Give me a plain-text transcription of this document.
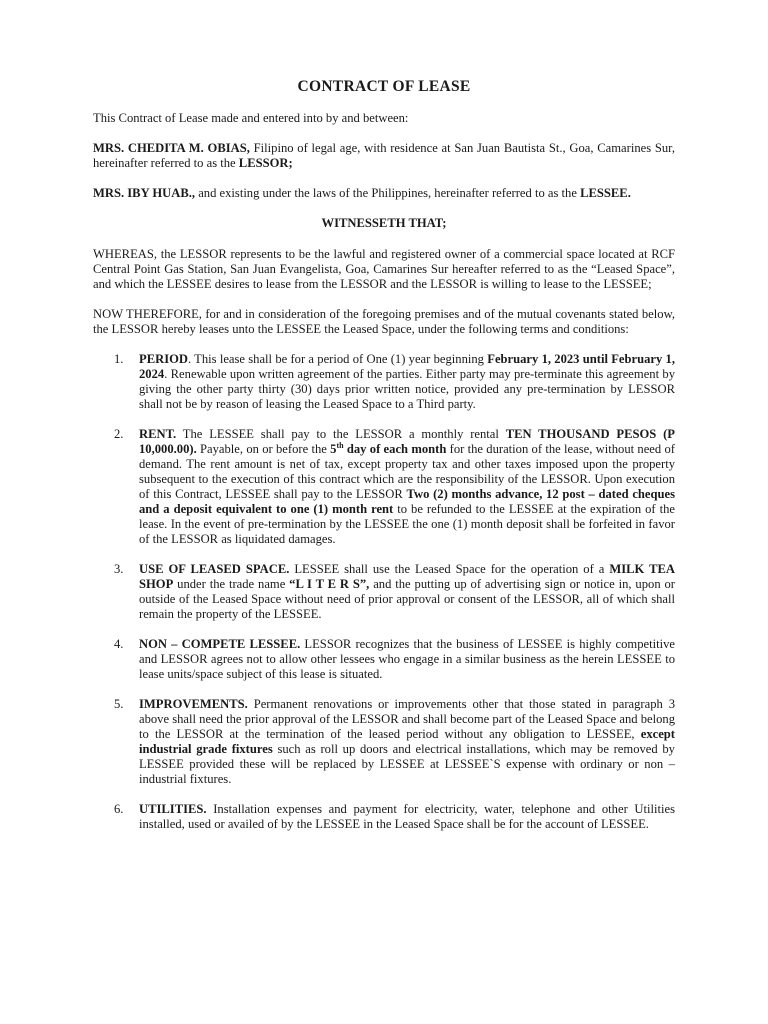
CONTRACT OF LEASE

This Contract of Lease made and entered into by and between:

MRS. CHEDITA M. OBIAS, Filipino of legal age, with residence at San Juan Bautista St., Goa, Camarines Sur, hereinafter referred to as the LESSOR;

MRS. IBY HUAB., and existing under the laws of the Philippines, hereinafter referred to as the LESSEE.

WITNESSETH THAT;

WHEREAS, the LESSOR represents to be the lawful and registered owner of a commercial space located at RCF Central Point Gas Station, San Juan Evangelista, Goa, Camarines Sur hereafter referred to as the “Leased Space”, and which the LESSEE desires to lease from the LESSOR and the LESSOR is willing to lease to the LESSEE;

NOW THEREFORE, for and in consideration of the foregoing premises and of the mutual covenants stated below, the LESSOR hereby leases unto the LESSEE the Leased Space, under the following terms and conditions:

1. PERIOD. This lease shall be for a period of One (1) year beginning February 1, 2023 until February 1, 2024. Renewable upon written agreement of the parties. Either party may pre-terminate this agreement by giving the other party thirty (30) days prior written notice, provided any pre-termination by LESSOR shall not be by reason of leasing the Leased Space to a Third party.
2. RENT. The LESSEE shall pay to the LESSOR a monthly rental TEN THOUSAND PESOS (P      10,000.00). Payable, on or before the 5th day of each month for the duration of the lease, without need of demand. The rent amount is net of tax, except property tax and other taxes imposed upon the property subsequent to the execution of this contract which are the responsibility of the LESSOR. Upon execution of this Contract, LESSEE shall pay to the LESSOR Two (2) months advance, 12 post – dated cheques and a deposit equivalent to one (1) month rent to be refunded to the LESSEE at the expiration of the lease. In the event of pre-termination by the LESSEE the one (1) month deposit shall be forfeited in favor of the LESSOR as liquidated damages.
3. USE OF LEASED SPACE. LESSEE shall use the Leased Space for the operation of a MILK TEA SHOP under the trade name “L I T E R S”, and the putting up of advertising sign or notice in, upon or outside of the Leased Space without need of prior approval or consent of the LESSOR, all of which shall remain the property of the LESSEE.
4. NON – COMPETE LESSEE. LESSOR recognizes that the business of LESSEE is highly competitive and LESSOR agrees not to allow other lessees who engage in a similar business as the herein LESSEE to lease units/space subject of this lease is situated.
5. IMPROVEMENTS. Permanent renovations or improvements other that those stated in paragraph 3 above shall need the prior approval of the LESSOR and shall become part of the Leased Space and belong to the LESSOR at the termination of the leased period without any obligation to LESSEE, except industrial grade fixtures such as roll up doors and electrical installations, which may be removed by LESSEE provided these will be replaced by LESSEE at LESSEE`S expense with ordinary or non – industrial fixtures.
6. UTILITIES. Installation expenses and payment for electricity, water, telephone and other Utilities installed, used or availed of by the LESSEE in the Leased Space shall be for the account of LESSEE.
